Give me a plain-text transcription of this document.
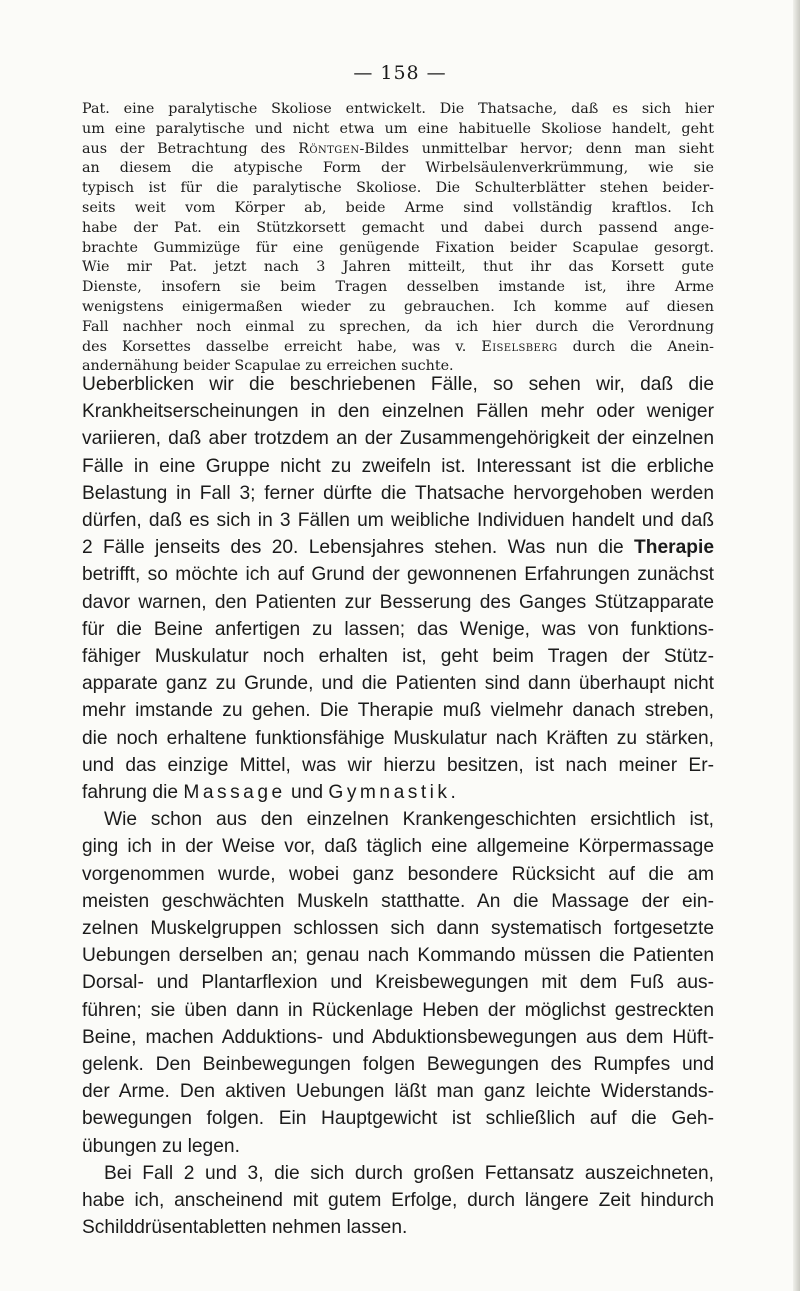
— 158 —
Pat. eine paralytische Skoliose entwickelt. Die Thatsache, daß es sich hier
um eine paralytische und nicht etwa um eine habituelle Skoliose handelt, geht
aus der Betrachtung des Röntgen-Bildes unmittelbar hervor; denn man sieht
an diesem die atypische Form der Wirbelsäulenverkrümmung, wie sie
typisch ist für die paralytische Skoliose. Die Schulterblätter stehen beider-
seits weit vom Körper ab, beide Arme sind vollständig kraftlos. Ich
habe der Pat. ein Stützkorsett gemacht und dabei durch passend ange-
brachte Gummizüge für eine genügende Fixation beider Scapulae gesorgt.
Wie mir Pat. jetzt nach 3 Jahren mitteilt, thut ihr das Korsett gute
Dienste, insofern sie beim Tragen desselben imstande ist, ihre Arme
wenigstens einigermaßen wieder zu gebrauchen. Ich komme auf diesen
Fall nachher noch einmal zu sprechen, da ich hier durch die Verordnung
des Korsettes dasselbe erreicht habe, was v. Eiselsberg durch die Anein-
andernähung beider Scapulae zu erreichen suchte.
Ueberblicken wir die beschriebenen Fälle, so sehen wir, daß die
Krankheitserscheinungen in den einzelnen Fällen mehr oder weniger
variieren, daß aber trotzdem an der Zusammengehörigkeit der einzelnen
Fälle in eine Gruppe nicht zu zweifeln ist. Interessant ist die erbliche
Belastung in Fall 3; ferner dürfte die Thatsache hervorgehoben werden
dürfen, daß es sich in 3 Fällen um weibliche Individuen handelt und daß
2 Fälle jenseits des 20. Lebensjahres stehen. Was nun die Therapie
betrifft, so möchte ich auf Grund der gewonnenen Erfahrungen zunächst
davor warnen, den Patienten zur Besserung des Ganges Stützapparate
für die Beine anfertigen zu lassen; das Wenige, was von funktions-
fähiger Muskulatur noch erhalten ist, geht beim Tragen der Stütz-
apparate ganz zu Grunde, und die Patienten sind dann überhaupt nicht
mehr imstande zu gehen. Die Therapie muß vielmehr danach streben,
die noch erhaltene funktionsfähige Muskulatur nach Kräften zu stärken,
und das einzige Mittel, was wir hierzu besitzen, ist nach meiner Er-
fahrung die Massage und Gymnastik.
Wie schon aus den einzelnen Krankengeschichten ersichtlich ist,
ging ich in der Weise vor, daß täglich eine allgemeine Körpermassage
vorgenommen wurde, wobei ganz besondere Rücksicht auf die am
meisten geschwächten Muskeln statthatte. An die Massage der ein-
zelnen Muskelgruppen schlossen sich dann systematisch fortgesetzte
Uebungen derselben an; genau nach Kommando müssen die Patienten
Dorsal- und Plantarflexion und Kreisbewegungen mit dem Fuß aus-
führen; sie üben dann in Rückenlage Heben der möglichst gestreckten
Beine, machen Adduktions- und Abduktionsbewegungen aus dem Hüft-
gelenk. Den Beinbewegungen folgen Bewegungen des Rumpfes und
der Arme. Den aktiven Uebungen läßt man ganz leichte Widerstands-
bewegungen folgen. Ein Hauptgewicht ist schließlich auf die Geh-
übungen zu legen.
Bei Fall 2 und 3, die sich durch großen Fettansatz auszeichneten,
habe ich, anscheinend mit gutem Erfolge, durch längere Zeit hindurch
Schilddrüsentabletten nehmen lassen.
